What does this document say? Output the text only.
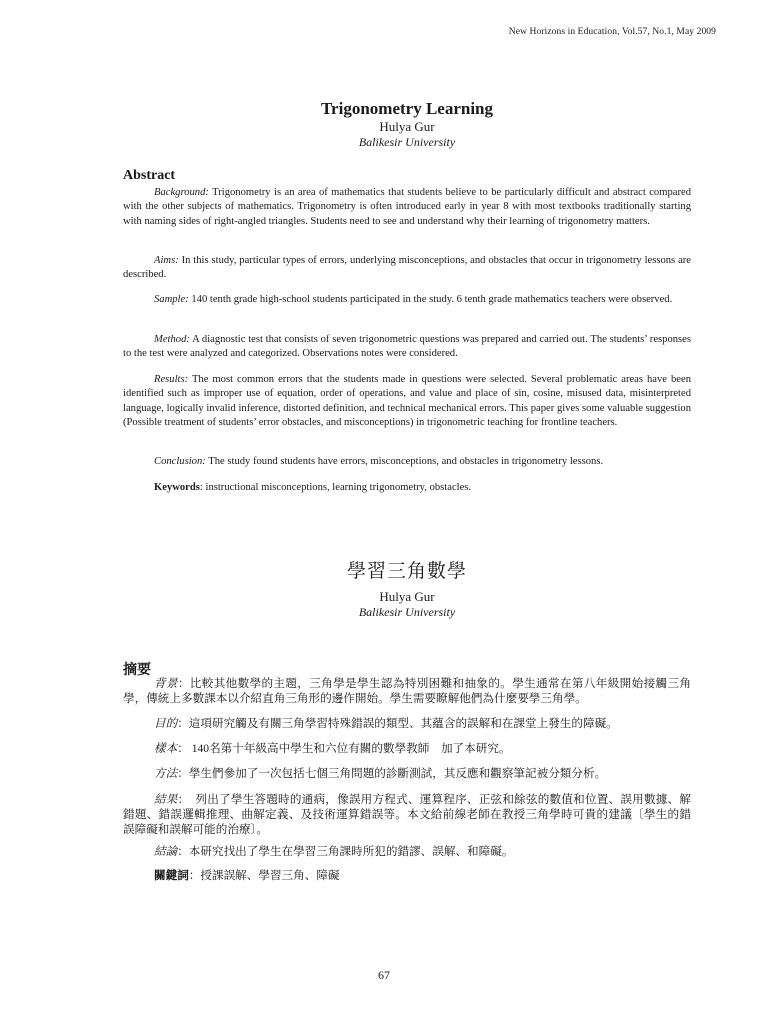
New Horizons in Education, Vol.57, No.1, May 2009
Trigonometry Learning
Hulya Gur
Balikesir University
Abstract

Background: Trigonometry is an area of mathematics that students believe to be particularly difficult and abstract compared with the other subjects of mathematics. Trigonometry is often introduced early in year 8 with most textbooks traditionally starting with naming sides of right-angled triangles. Students need to see and understand why their learning of trigonometry matters.

Aims: In this study, particular types of errors, underlying misconceptions, and obstacles that occur in trigonometry lessons are described.

Sample: 140 tenth grade high-school students participated in the study. 6 tenth grade mathematics teachers were observed.

Method: A diagnostic test that consists of seven trigonometric questions was prepared and carried out. The students’ responses to the test were analyzed and categorized. Observations notes were considered.

Results: The most common errors that the students made in questions were selected. Several problematic areas have been identified such as improper use of equation, order of operations, and value and place of sin, cosine, misused data, misinterpreted language, logically invalid inference, distorted definition, and technical mechanical errors. This paper gives some valuable suggestion (Possible treatment of students’ error obstacles, and misconceptions) in trigonometric teaching for frontline teachers.

Conclusion: The study found students have errors, misconceptions, and obstacles in trigonometry lessons.

Keywords: instructional misconceptions, learning trigonometry, obstacles.

學習三角數學
Hulya Gur
Balikesir University
摘要

背景：比較其他數學的主題，三角學是學生認為特別困難和抽象的。學生通常在第八年級開始接觸三角學，傳統上多數課本以介紹直角三角形的邊作開始。學生需要瞭解他們為什麼要學三角學。

目的：這項研究觸及有關三角學習特殊錯誤的類型、其蘊含的誤解和在課堂上發生的障礙。

樣本： 140名第十年級高中學生和六位有關的數學教師　加了本研究。

方法：學生們參加了一次包括七個三角問題的診斷測試，其反應和觀察筆記被分類分析。

結果：　列出了學生答題時的通病，像誤用方程式、運算程序、正弦和餘弦的數值和位置、誤用數據、解錯題、錯誤邏輯推理、曲解定義、及技術運算錯誤等。本文給前線老師在教授三角學時可貴的建議〔學生的錯誤障礙和誤解可能的治療〕。

結論：本研究找出了學生在學習三角課時所犯的錯謬、誤解、和障礙。

關鍵詞：授課誤解、學習三角、障礙

67
